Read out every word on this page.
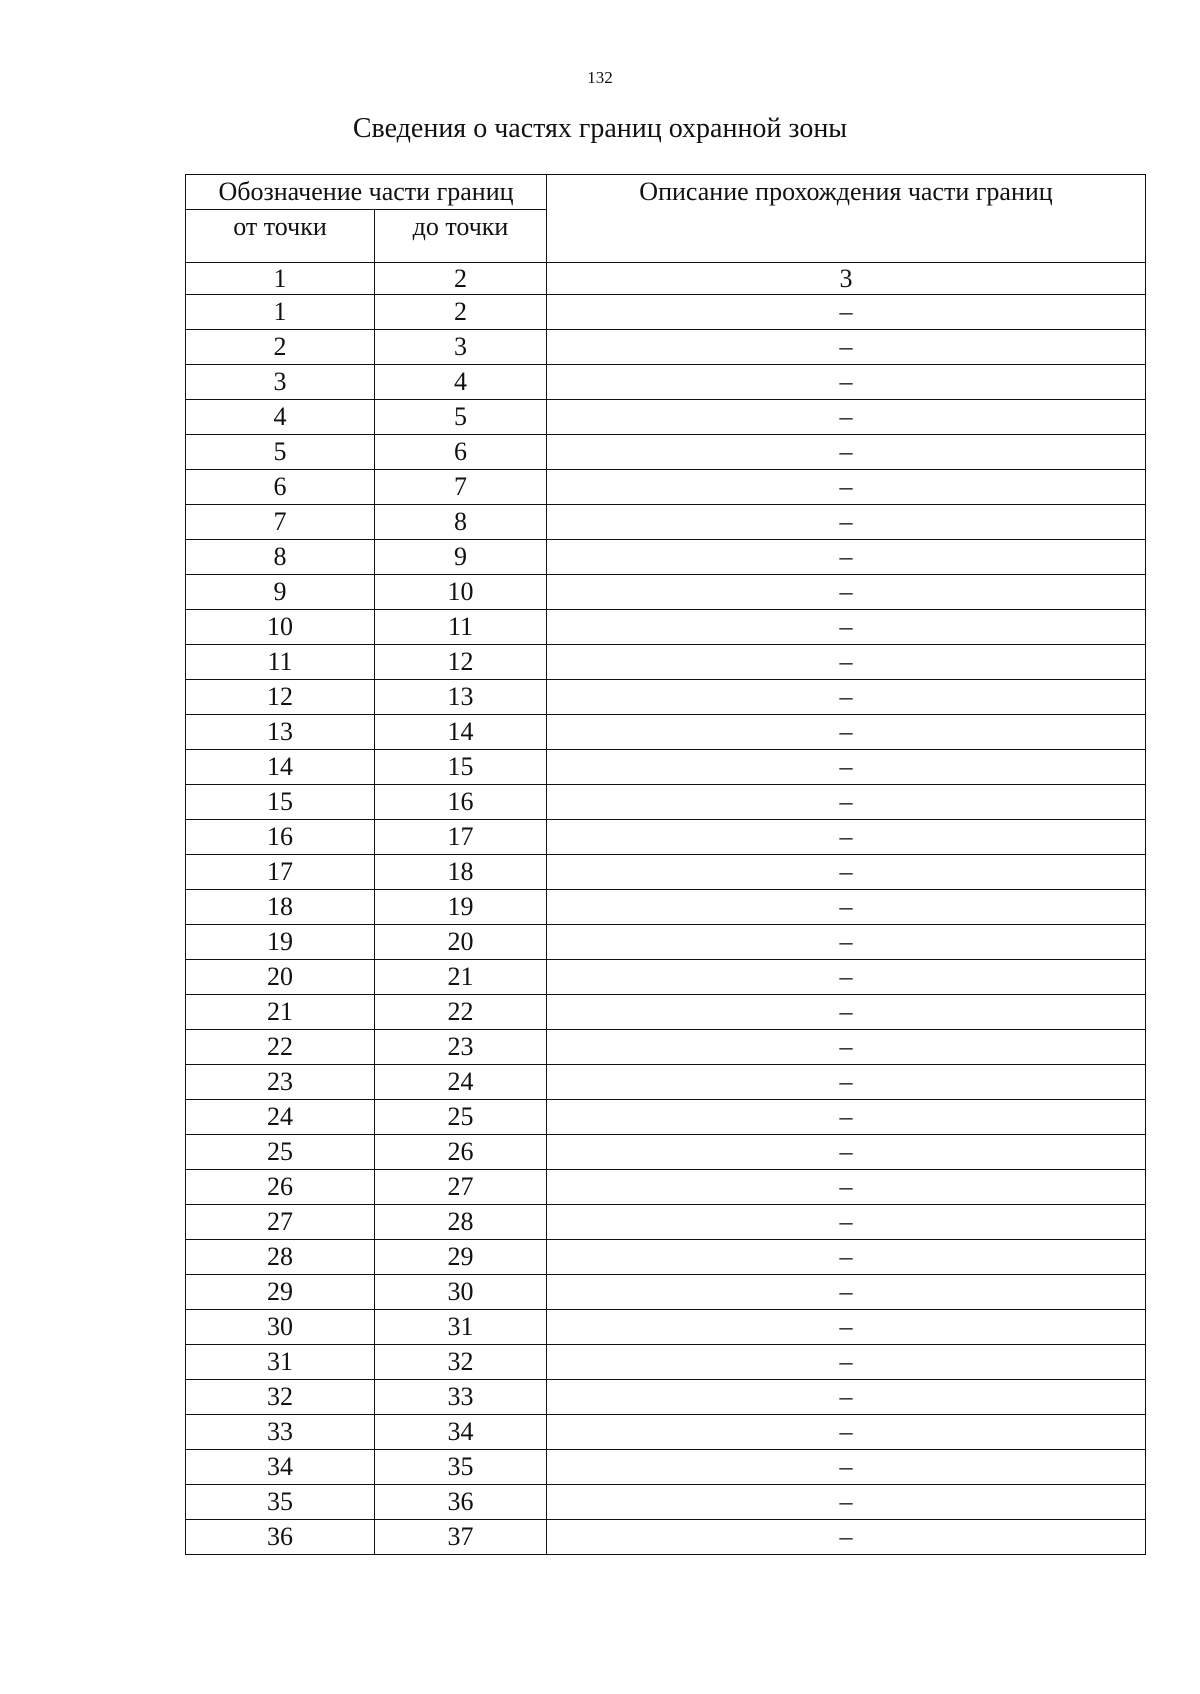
132
Сведения о частях границ охранной зоны
Обозначение части границ		Описание прохождения части границ
от точки	до точки	
1	2	3
1	2	–
2	3	–
3	4	–
4	5	–
5	6	–
6	7	–
7	8	–
8	9	–
9	10	–
10	11	–
11	12	–
12	13	–
13	14	–
14	15	–
15	16	–
16	17	–
17	18	–
18	19	–
19	20	–
20	21	–
21	22	–
22	23	–
23	24	–
24	25	–
25	26	–
26	27	–
27	28	–
28	29	–
29	30	–
30	31	–
31	32	–
32	33	–
33	34	–
34	35	–
35	36	–
36	37	–
